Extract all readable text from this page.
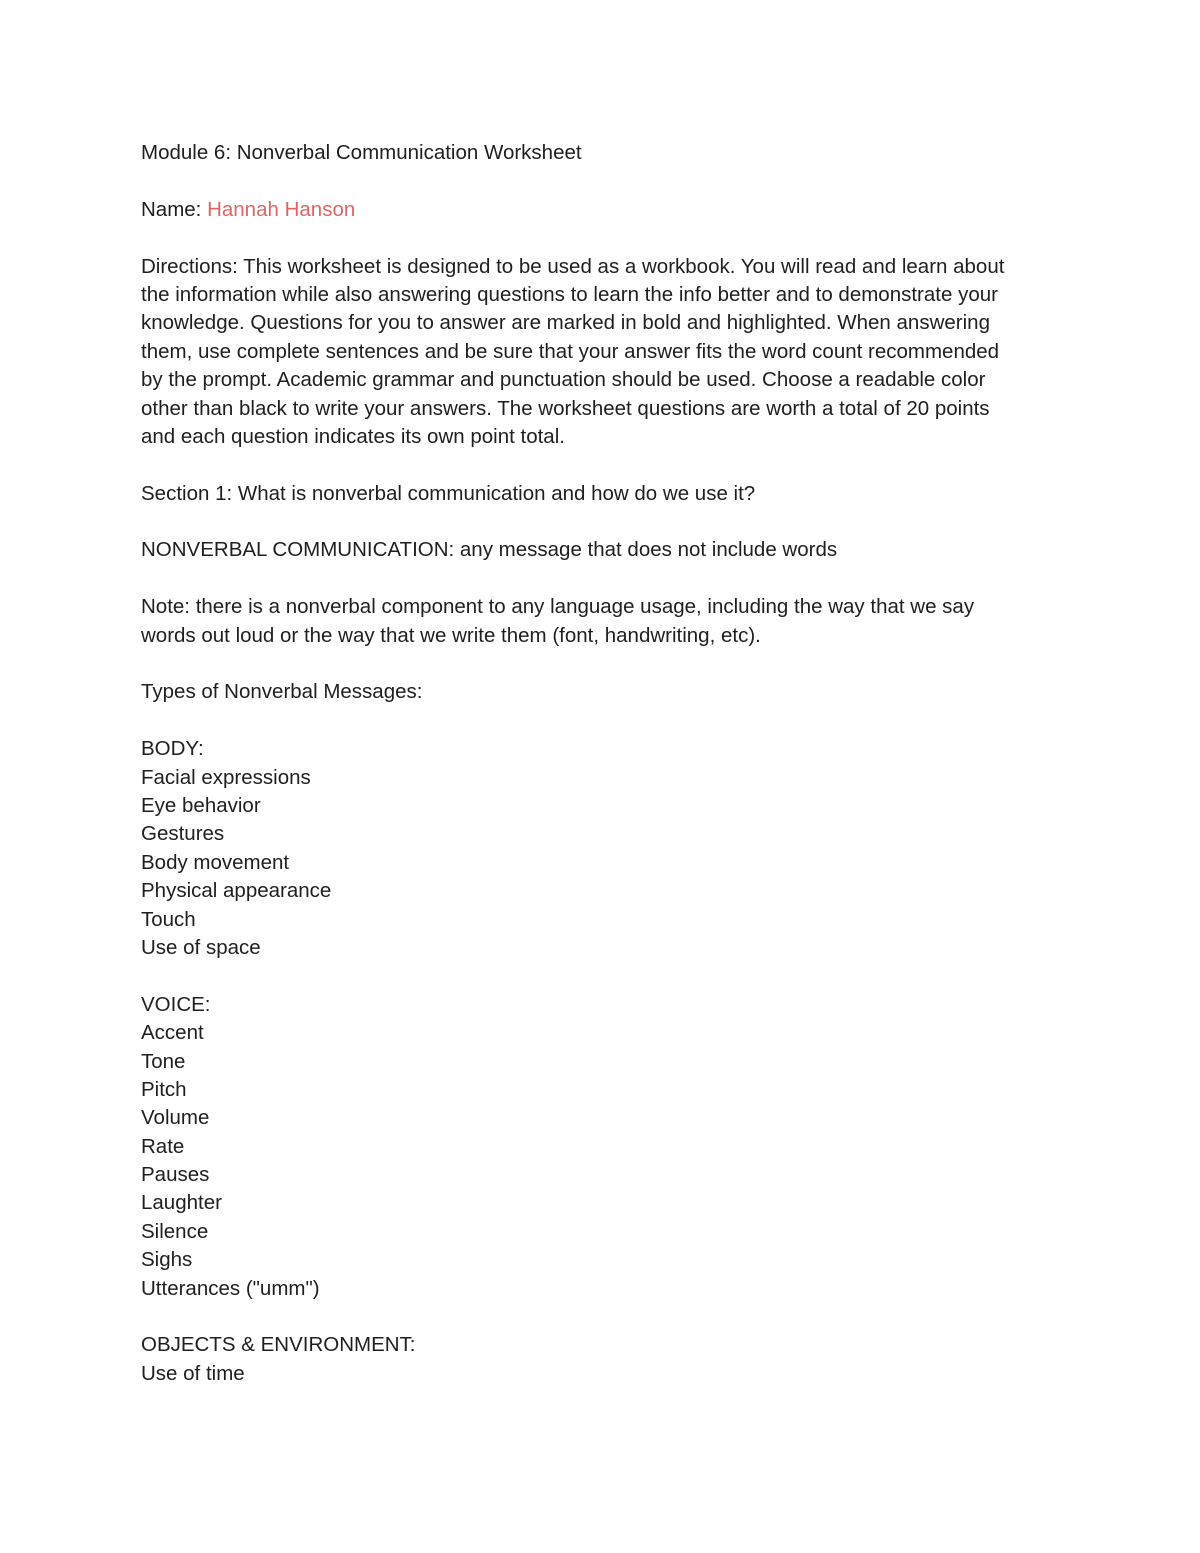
Module 6: Nonverbal Communication Worksheet
Name: Hannah Hanson
Directions: This worksheet is designed to be used as a workbook. You will read and learn about
the information while also answering questions to learn the info better and to demonstrate your
knowledge. Questions for you to answer are marked in bold and highlighted. When answering
them, use complete sentences and be sure that your answer fits the word count recommended
by the prompt. Academic grammar and punctuation should be used. Choose a readable color
other than black to write your answers. The worksheet questions are worth a total of 20 points
and each question indicates its own point total.
Section 1: What is nonverbal communication and how do we use it?
NONVERBAL COMMUNICATION: any message that does not include words
Note: there is a nonverbal component to any language usage, including the way that we say
words out loud or the way that we write them (font, handwriting, etc).
Types of Nonverbal Messages:
BODY:
Facial expressions
Eye behavior
Gestures
Body movement
Physical appearance
Touch
Use of space
VOICE:
Accent
Tone
Pitch
Volume
Rate
Pauses
Laughter
Silence
Sighs
Utterances ("umm")
OBJECTS & ENVIRONMENT:
Use of time
